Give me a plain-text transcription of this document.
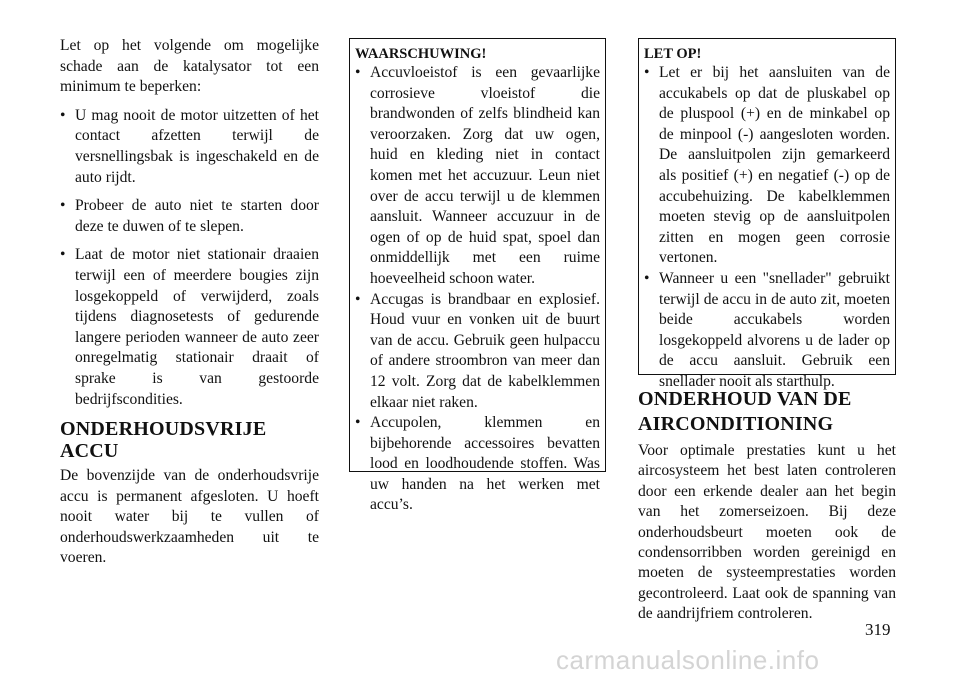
Let op het volgende om mogelijke schade aan de katalysator tot een minimum te beperken:

• U mag nooit de motor uitzetten of het contact afzetten terwijl de versnellingsbak is ingeschakeld en de auto rijdt.
• Probeer de auto niet te starten door deze te duwen of te slepen.
• Laat de motor niet stationair draaien terwijl een of meerdere bougies zijn losgekoppeld of verwijderd, zoals tijdens diagnosetests of gedurende langere perioden wanneer de auto zeer onregelmatig stationair draait of sprake is van gestoorde bedrijfscondities.
ONDERHOUDSVRIJE ACCU

De bovenzijde van de onderhoudsvrije accu is permanent afgesloten. U hoeft nooit water bij te vullen of onderhoudswerkzaamheden uit te voeren.

WAARSCHUWING!
• Accuvloeistof is een gevaarlijke corrosieve vloeistof die brandwonden of zelfs blindheid kan veroorzaken. Zorg dat uw ogen, huid en kleding niet in contact komen met het accuzuur. Leun niet over de accu terwijl u de klemmen aansluit. Wanneer accuzuur in de ogen of op de huid spat, spoel dan onmiddellijk met een ruime hoeveelheid schoon water.
• Accugas is brandbaar en explosief. Houd vuur en vonken uit de buurt van de accu. Gebruik geen hulpaccu of andere stroombron van meer dan 12 volt. Zorg dat de kabelklemmen elkaar niet raken.
• Accupolen, klemmen en bijbehorende accessoires bevatten lood en loodhoudende stoffen. Was uw handen na het werken met accu’s.
LET OP!
• Let er bij het aansluiten van de accukabels op dat de pluskabel op de pluspool (+) en de minkabel op de minpool (-) aangesloten worden. De aansluitpolen zijn gemarkeerd als positief (+) en negatief (-) op de accubehuizing. De kabelklemmen moeten stevig op de aansluitpolen zitten en mogen geen corrosie vertonen.
• Wanneer u een "snellader" gebruikt terwijl de accu in de auto zit, moeten beide accukabels worden losgekoppeld alvorens u de lader op de accu aansluit. Gebruik een snellader nooit als starthulp.
ONDERHOUD VAN DE AIRCONDITIONING

Voor optimale prestaties kunt u het aircosysteem het best laten controleren door een erkende dealer aan het begin van het zomerseizoen. Bij deze onderhoudsbeurt moeten ook de condensorribben worden gereinigd en moeten de systeemprestaties worden gecontroleerd. Laat ook de spanning van de aandrijfriem controleren.

319
carmanualsonline.info
